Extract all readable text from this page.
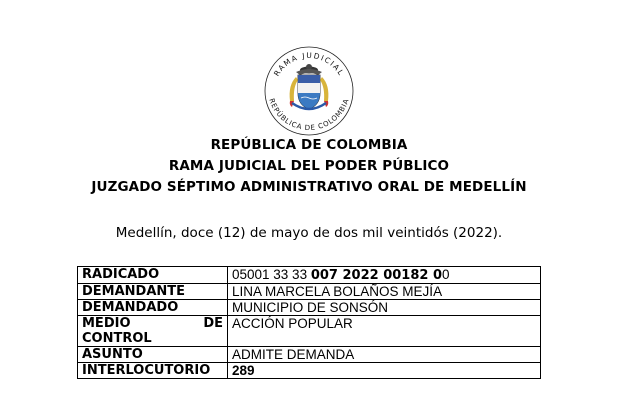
RAMA JUDICIAL
REPÚBLICA DE COLOMBIA
REPÚBLICA DE COLOMBIA
RAMA JUDICIAL DEL PODER PÚBLICO
JUZGADO SÉPTIMO ADMINISTRATIVO ORAL DE MEDELLÍN
Medellín, doce (12) de mayo de dos mil veintidós (2022).
RADICADO	05001 33 33 007 2022 00182 00
DEMANDANTE	LINA MARCELA BOLAÑOS MEJÍA
DEMANDADO	MUNICIPIO DE SONSÓN

MEDIO DE
CONTROL	ACCIÓN POPULAR
ASUNTO	ADMITE DEMANDA
INTERLOCUTORIO	289
